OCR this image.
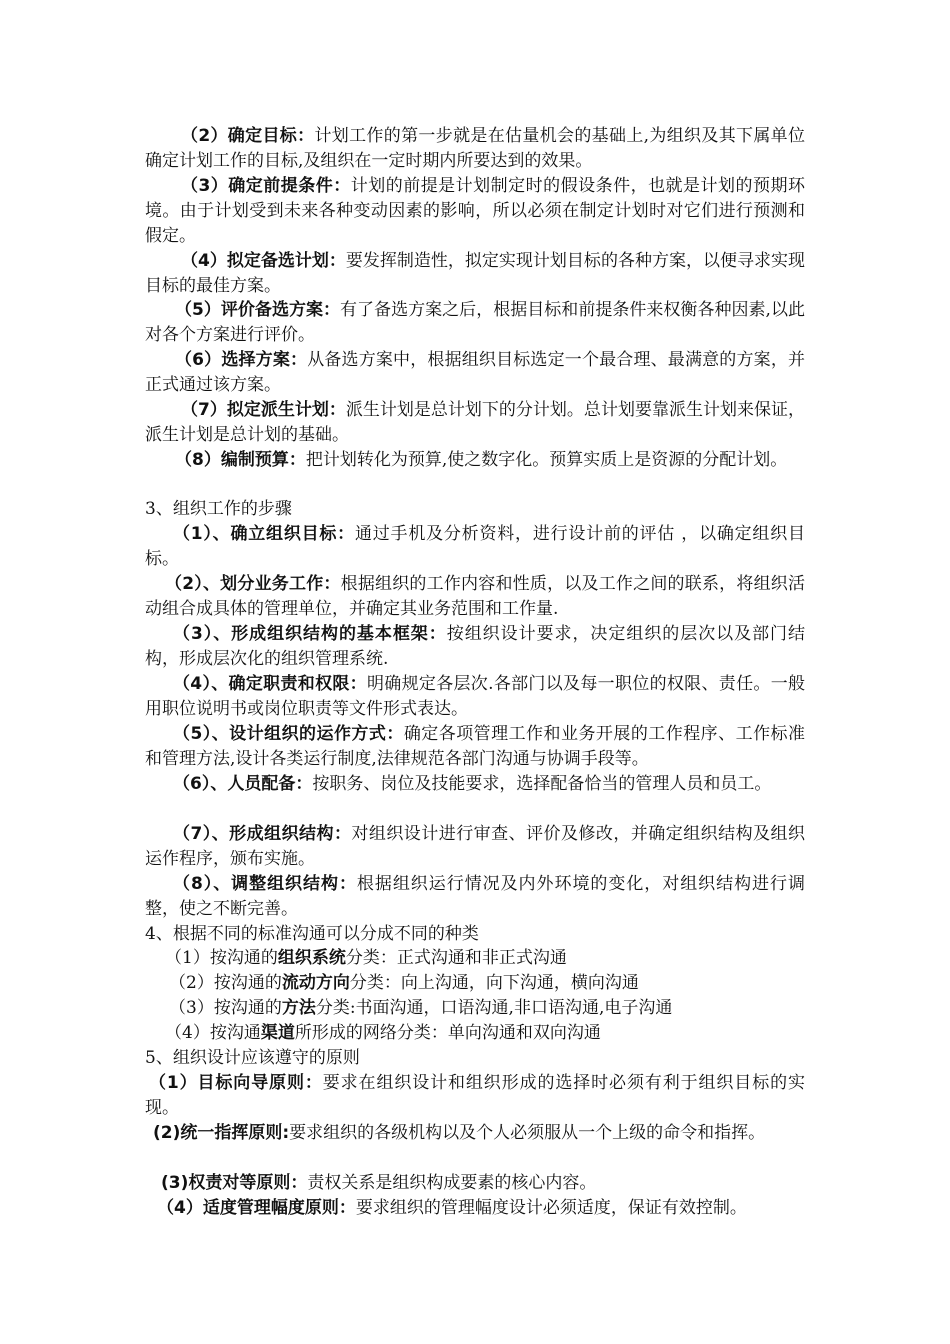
（2）确定目标：计划工作的第一步就是在估量机会的基础上,为组织及其下属单位确定计划工作的目标,及组织在一定时期内所要达到的效果。

（3）确定前提条件：计划的前提是计划制定时的假设条件，也就是计划的预期环境。由于计划受到未来各种变动因素的影响，所以必须在制定计划时对它们进行预测和假定。

（4）拟定备选计划：要发挥制造性，拟定实现计划目标的各种方案，以便寻求实现目标的最佳方案。

（5）评价备选方案：有了备选方案之后，根据目标和前提条件来权衡各种因素,以此对各个方案进行评价。

（6）选择方案：从备选方案中，根据组织目标选定一个最合理、最满意的方案，并正式通过该方案。

（7）拟定派生计划：派生计划是总计划下的分计划。总计划要靠派生计划来保证，派生计划是总计划的基础。

（8）编制预算：把计划转化为预算,使之数字化。预算实质上是资源的分配计划。

3、组织工作的步骤

（1）、确立组织目标：通过手机及分析资料，进行设计前的评估 ，以确定组织目标。

（2）、划分业务工作：根据组织的工作内容和性质，以及工作之间的联系，将组织活动组合成具体的管理单位，并确定其业务范围和工作量.

（3）、形成组织结构的基本框架：按组织设计要求，决定组织的层次以及部门结构，形成层次化的组织管理系统.

（4）、确定职责和权限：明确规定各层次.各部门以及每一职位的权限、责任。一般用职位说明书或岗位职责等文件形式表达。

（5）、设计组织的运作方式：确定各项管理工作和业务开展的工作程序、工作标准和管理方法,设计各类运行制度,法律规范各部门沟通与协调手段等。

（6）、人员配备：按职务、岗位及技能要求，选择配备恰当的管理人员和员工。

（7）、形成组织结构：对组织设计进行审查、评价及修改，并确定组织结构及组织运作程序，颁布实施。

（8）、调整组织结构：根据组织运行情况及内外环境的变化，对组织结构进行调整，使之不断完善。

4、根据不同的标准沟通可以分成不同的种类

（1）按沟通的组织系统分类：正式沟通和非正式沟通

（2）按沟通的流动方向分类：向上沟通，向下沟通，横向沟通

（3）按沟通的方法分类:书面沟通，口语沟通,非口语沟通,电子沟通

（4）按沟通渠道所形成的网络分类：单向沟通和双向沟通

5、组织设计应该遵守的原则

（1）目标向导原则：要求在组织设计和组织形成的选择时必须有利于组织目标的实现。

(2)统一指挥原则:要求组织的各级机构以及个人必须服从一个上级的命令和指挥。

(3)权责对等原则：责权关系是组织构成要素的核心内容。

（4）适度管理幅度原则：要求组织的管理幅度设计必须适度，保证有效控制。
